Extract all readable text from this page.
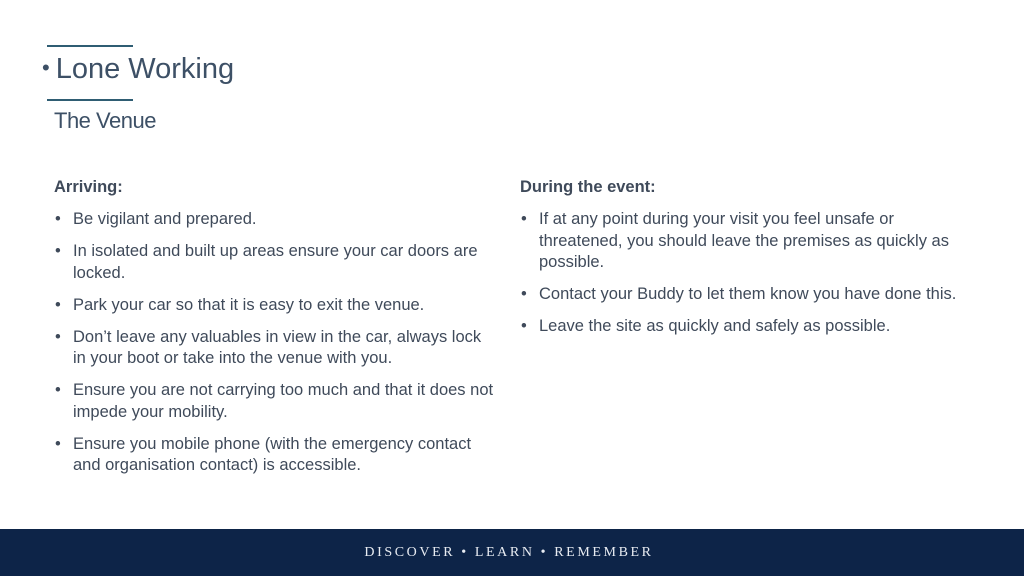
• Lone Working
The Venue
Arriving:
• Be vigilant and prepared.
• In isolated and built up areas ensure your car doors are locked.
• Park your car so that it is easy to exit the venue.
• Don’t leave any valuables in view in the car, always lock in your boot or take into the venue with you.
• Ensure you are not carrying too much and that it does not impede your mobility.
• Ensure you mobile phone (with the emergency contact and organisation contact) is accessible.
During the event:
• If at any point during your visit you feel unsafe or threatened, you should leave the premises as quickly as possible.
• Contact your Buddy to let them know you have done this.
• Leave the site as quickly and safely as possible.
DISCOVER • LEARN • REMEMBER
